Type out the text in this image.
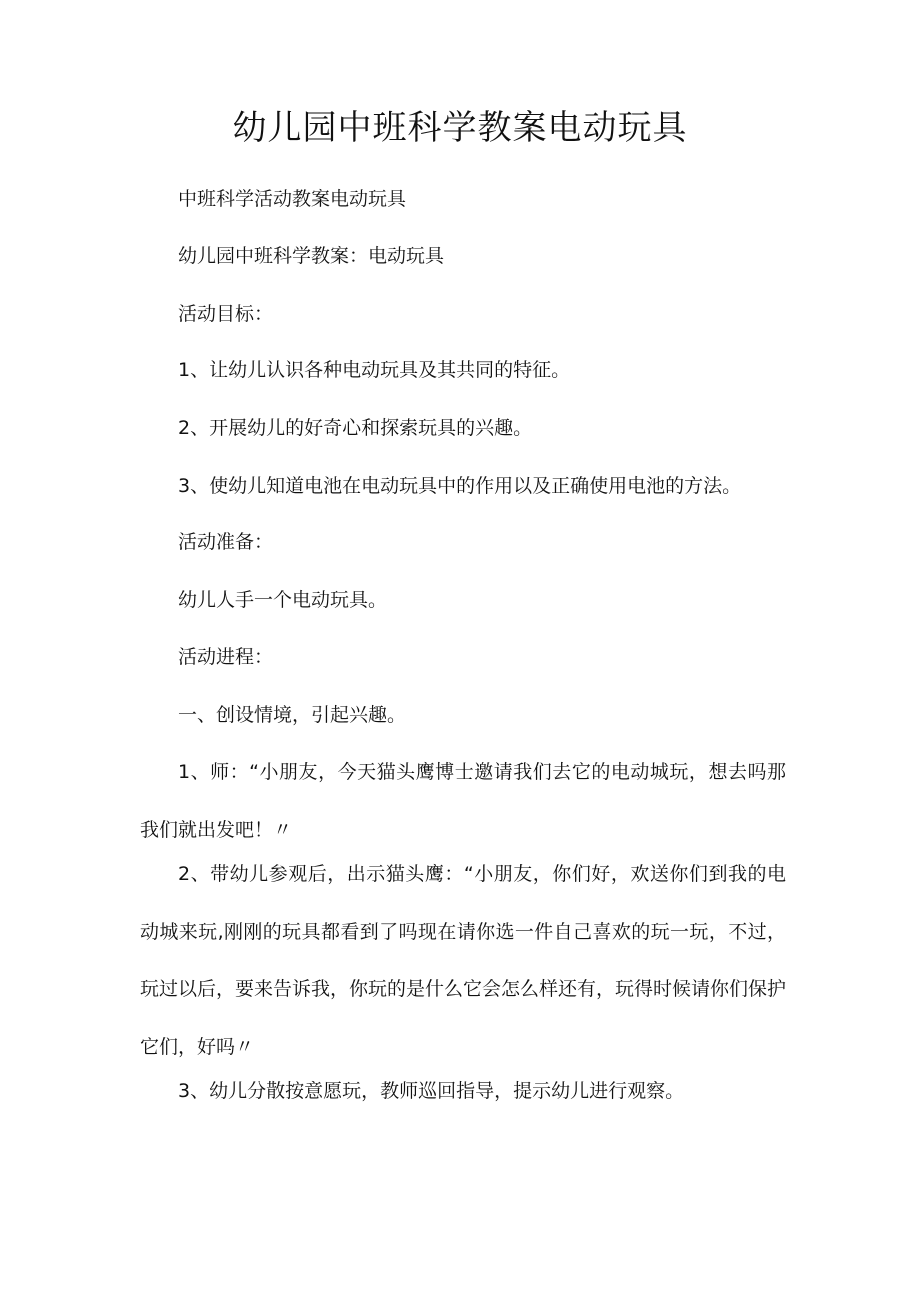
幼儿园中班科学教案电动玩具
中班科学活动教案电动玩具
幼儿园中班科学教案：电动玩具
活动目标：
1、让幼儿认识各种电动玩具及其共同的特征。
2、开展幼儿的好奇心和探索玩具的兴趣。
3、使幼儿知道电池在电动玩具中的作用以及正确使用电池的方法。
活动准备：
幼儿人手一个电动玩具。
活动进程：
一、创设情境，引起兴趣。
1、师：“小朋友，今天猫头鹰博士邀请我们去它的电动城玩，想去吗那我们就出发吧！〃
2、带幼儿参观后，出示猫头鹰：“小朋友，你们好，欢送你们到我的电动城来玩,刚刚的玩具都看到了吗现在请你选一件自己喜欢的玩一玩，不过，玩过以后，要来告诉我，你玩的是什么它会怎么样还有，玩得时候请你们保护它们，好吗〃
3、幼儿分散按意愿玩，教师巡回指导，提示幼儿进行观察。
